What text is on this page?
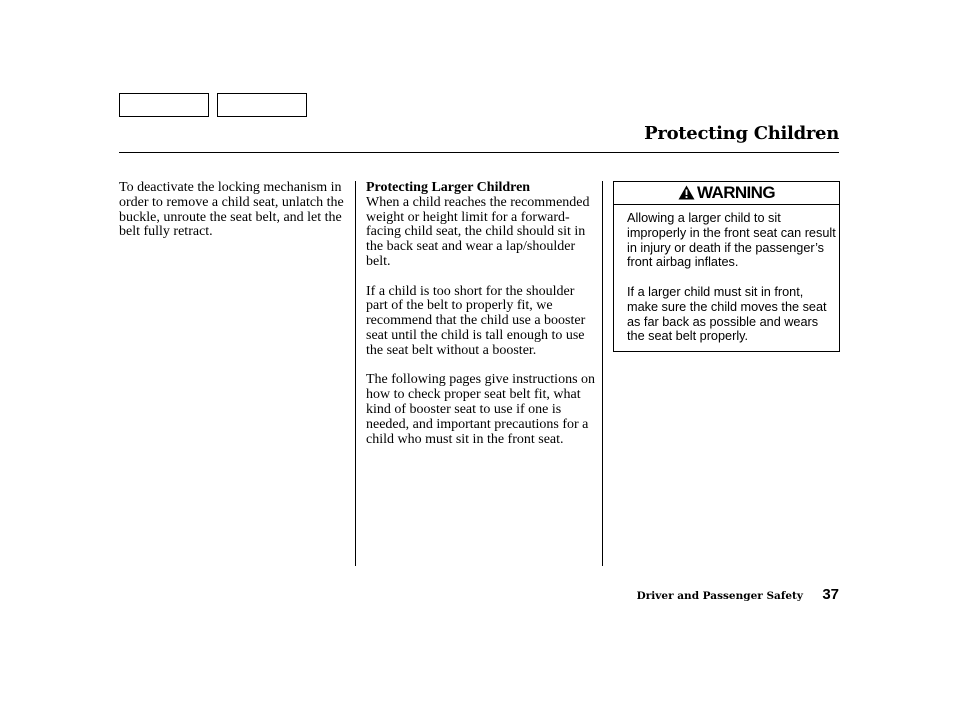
Protecting Children

To deactivate the locking mechanism in order to remove a child seat, unlatch the buckle, unroute the seat belt, and let the belt fully retract.

Protecting Larger Children

When a child reaches the recommended weight or height limit for a forward-facing child seat, the child should sit in the back seat and wear a lap/shoulder belt.

If a child is too short for the shoulder part of the belt to properly fit, we recommend that the child use a booster seat until the child is tall enough to use the seat belt without a booster.

The following pages give instructions on how to check proper seat belt fit, what kind of booster seat to use if one is needed, and important precautions for a child who must sit in the front seat.

WARNING

Allowing a larger child to sit improperly in the front seat can result in injury or death if the passenger’s front airbag inflates.

If a larger child must sit in front, make sure the child moves the seat as far back as possible and wears the seat belt properly.

Driver and Passenger Safety 37
